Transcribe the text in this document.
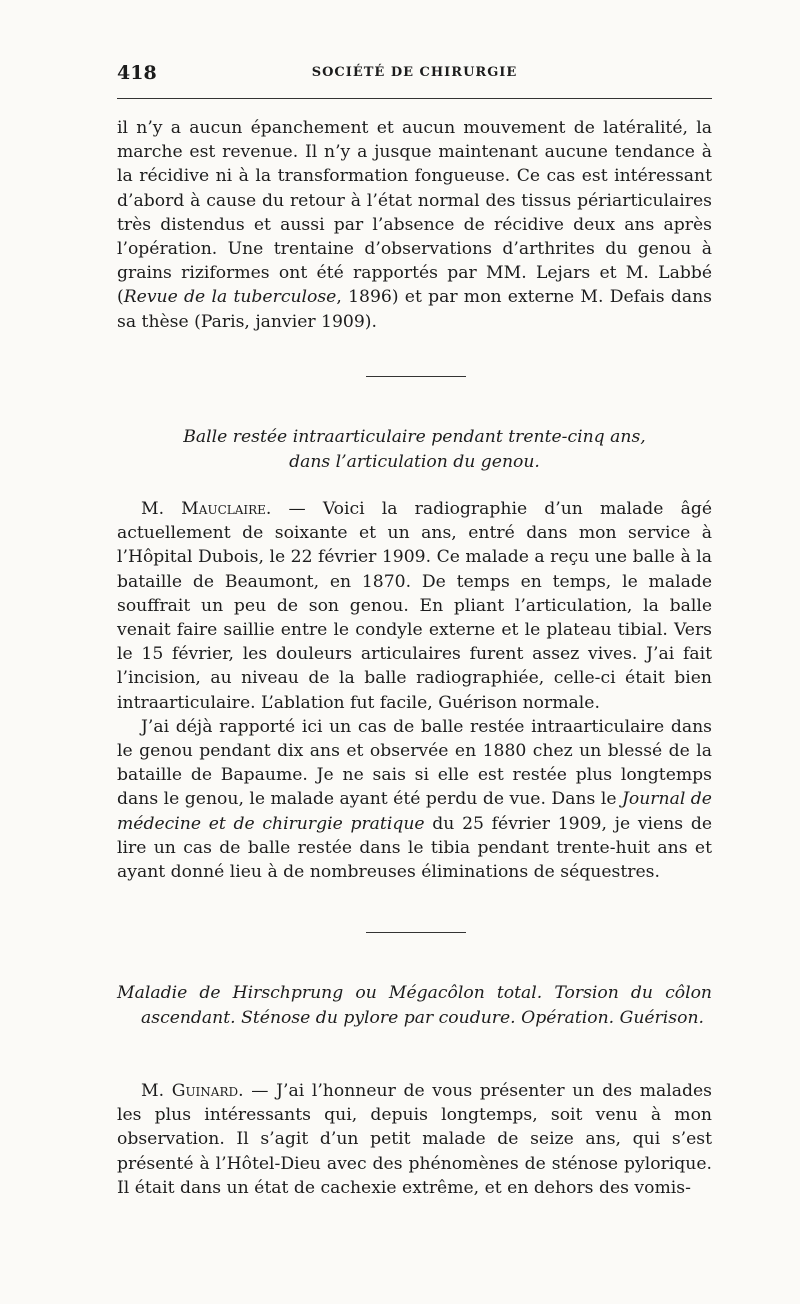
418	SOCIÉTÉ DE CHIRURGIE

il n’y a aucun épanchement et aucun mouvement de latéralité, la marche est revenue. Il n’y a jusque maintenant aucune tendance à la récidive ni à la transformation fongueuse. Ce cas est intéressant d’abord à cause du retour à l’état normal des tissus périarticulaires très distendus et aussi par l’absence de récidive deux ans après l’opération. Une trentaine d’observations d’arthrites du genou à grains riziformes ont été rapportés par MM. Lejars et M. Labbé (Revue de la tuberculose, 1896) et par mon externe M. Defais dans sa thèse (Paris, janvier 1909).

Balle restée intraarticulaire pendant trente-cinq ans,
dans l’articulation du genou.

M. Mauclaire. — Voici la radiographie d’un malade âgé actuellement de soixante et un ans, entré dans mon service à l’Hôpital Dubois, le 22 février 1909. Ce malade a reçu une balle à la bataille de Beaumont, en 1870. De temps en temps, le malade souffrait un peu de son genou. En pliant l’articulation, la balle venait faire saillie entre le condyle externe et le plateau tibial. Vers le 15 février, les douleurs articulaires furent assez vives. J’ai fait l’incision, au niveau de la balle radiographiée, celle-ci était bien intraarticulaire. L’ablation fut facile, Guérison normale.

J’ai déjà rapporté ici un cas de balle restée intraarticulaire dans le genou pendant dix ans et observée en 1880 chez un blessé de la bataille de Bapaume. Je ne sais si elle est restée plus longtemps dans le genou, le malade ayant été perdu de vue. Dans le Journal de médecine et de chirurgie pratique du 25 février 1909, je viens de lire un cas de balle restée dans le tibia pendant trente-huit ans et ayant donné lieu à de nombreuses éliminations de séquestres.

Maladie de Hirschprung ou Mégacôlon total. Torsion du côlon ascendant. Sténose du pylore par coudure. Opération. Guérison.

M. Guinard. — J’ai l’honneur de vous présenter un des malades les plus intéressants qui, depuis longtemps, soit venu à mon observation. Il s’agit d’un petit malade de seize ans, qui s’est présenté à l’Hôtel-Dieu avec des phénomènes de sténose pylorique. Il était dans un état de cachexie extrême, et en dehors des vomis-
